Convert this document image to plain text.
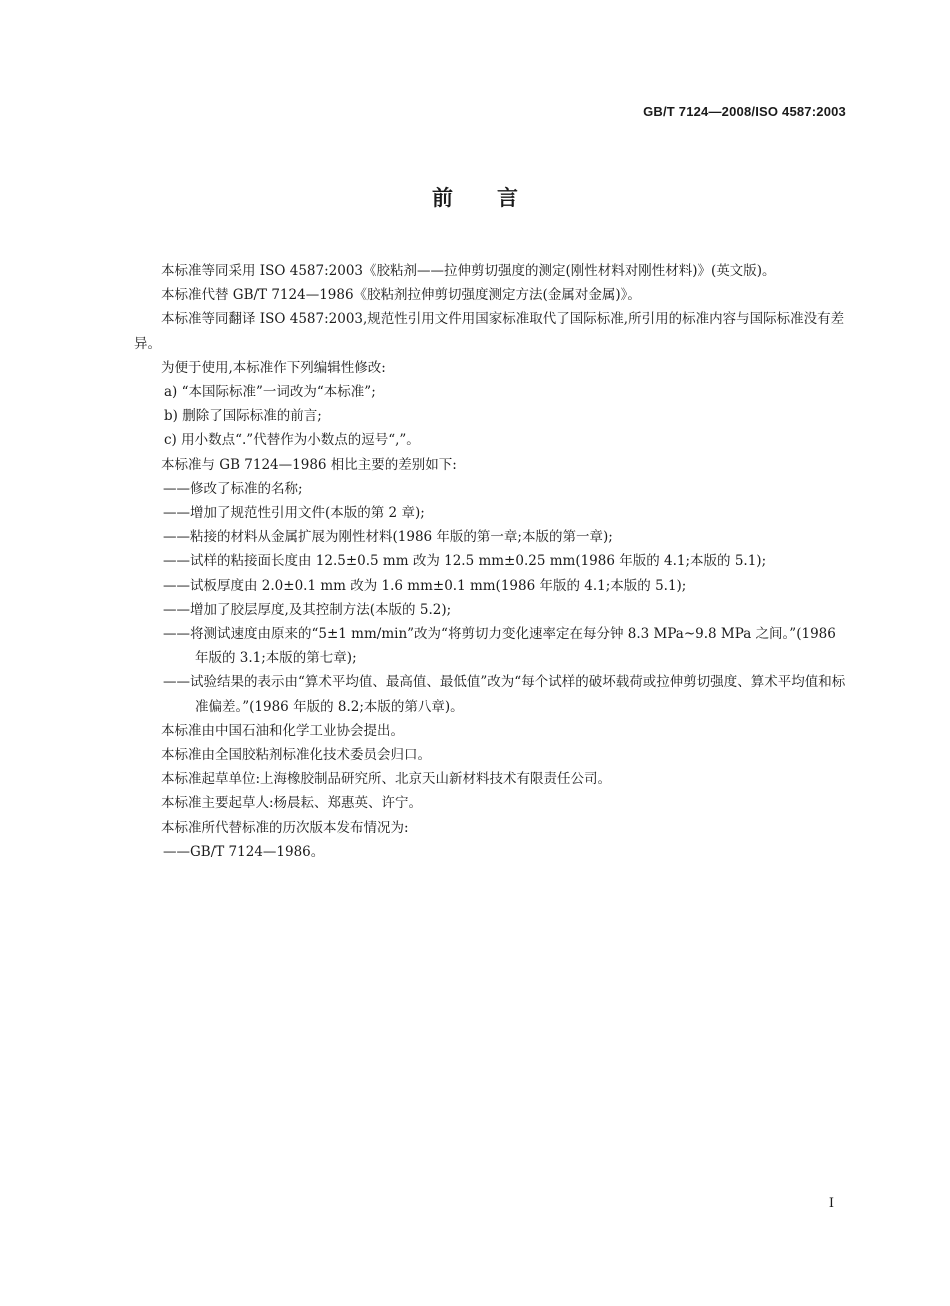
GB/T 7124—2008/ISO 4587:2003
前言

本标准等同采用 ISO 4587:2003《胶粘剂——拉伸剪切强度的测定(刚性材料对刚性材料)》(英文版)。

本标准代替 GB/T 7124—1986《胶粘剂拉伸剪切强度测定方法(金属对金属)》。

本标准等同翻译 ISO 4587:2003,规范性引用文件用国家标准取代了国际标准,所引用的标准内容与国际标准没有差异。

为便于使用,本标准作下列编辑性修改:

a) “本国际标准”一词改为“本标准”;

b) 删除了国际标准的前言;

c) 用小数点“.”代替作为小数点的逗号“,”。

本标准与 GB 7124—1986 相比主要的差别如下:

——修改了标准的名称;

——增加了规范性引用文件(本版的第 2 章);

——粘接的材料从金属扩展为刚性材料(1986 年版的第一章;本版的第一章);

——试样的粘接面长度由 12.5±0.5 mm 改为 12.5 mm±0.25 mm(1986 年版的 4.1;本版的 5.1);

——试板厚度由 2.0±0.1 mm 改为 1.6 mm±0.1 mm(1986 年版的 4.1;本版的 5.1);

——增加了胶层厚度,及其控制方法(本版的 5.2);

——将测试速度由原来的“5±1 mm/min”改为“将剪切力变化速率定在每分钟 8.3 MPa~9.8 MPa 之间。”(1986 年版的 3.1;本版的第七章);

——试验结果的表示由“算术平均值、最高值、最低值”改为“每个试样的破坏载荷或拉伸剪切强度、算术平均值和标准偏差。”(1986 年版的 8.2;本版的第八章)。

本标准由中国石油和化学工业协会提出。

本标准由全国胶粘剂标准化技术委员会归口。

本标准起草单位:上海橡胶制品研究所、北京天山新材料技术有限责任公司。

本标准主要起草人:杨晨耘、郑惠英、许宁。

本标准所代替标准的历次版本发布情况为:

——GB/T 7124—1986。

I
